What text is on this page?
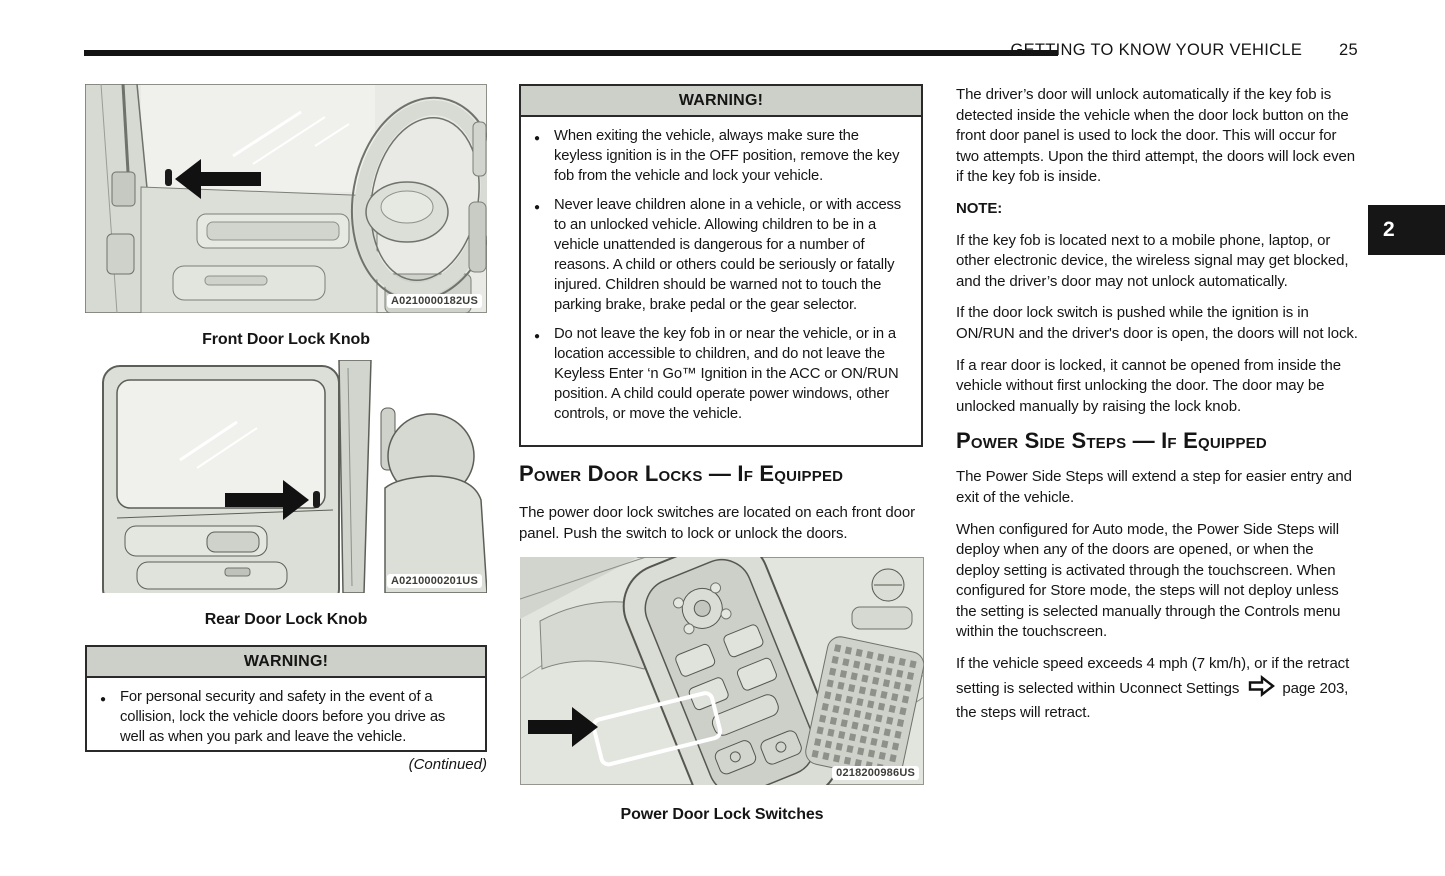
GETTING TO KNOW YOUR VEHICLE 25
2
A0210000182US
Front Door Lock Knob
A0210000201US
Rear Door Lock Knob
WARNING!
● For personal security and safety in the event of a collision, lock the vehicle doors before you drive as well as when you park and leave the vehicle.
(Continued)
WARNING!
● When exiting the vehicle, always make sure the keyless ignition is in the OFF position, remove the key fob from the vehicle and lock your vehicle.
● Never leave children alone in a vehicle, or with access to an unlocked vehicle. Allowing children to be in a vehicle unattended is dangerous for a number of reasons. A child or others could be seriously or fatally injured. Children should be warned not to touch the parking brake, brake pedal or the gear selector.
● Do not leave the key fob in or near the vehicle, or in a location accessible to children, and do not leave the Keyless Enter ‘n Go™ Ignition in the ACC or ON/RUN position. A child could operate power windows, other controls, or move the vehicle.
Power Door Locks — If Equipped
The power door lock switches are located on each front door panel. Push the switch to lock or unlock the doors.
0218200986US
Power Door Lock Switches

The driver’s door will unlock automatically if the key fob is detected inside the vehicle when the door lock button on the front door panel is used to lock the door. This will occur for two attempts. Upon the third attempt, the doors will lock even if the key fob is inside.

NOTE:

If the key fob is located next to a mobile phone, laptop, or other electronic device, the wireless signal may get blocked, and the driver’s door may not unlock automatically.

If the door lock switch is pushed while the ignition is in ON/RUN and the driver's door is open, the doors will not lock.

If a rear door is locked, it cannot be opened from inside the vehicle without first unlocking the door. The door may be unlocked manually by raising the lock knob.

Power Side Steps — If Equipped

The Power Side Steps will extend a step for easier entry and exit of the vehicle.

When configured for Auto mode, the Power Side Steps will deploy when any of the doors are opened, or when the deploy setting is activated through the touchscreen. When configured for Store mode, the steps will not deploy unless the setting is selected manually through the Controls menu within the touchscreen.

If the vehicle speed exceeds 4 mph (7 km/h), or if the retract setting is selected within Uconnect Settings	page 203, the steps will retract.
